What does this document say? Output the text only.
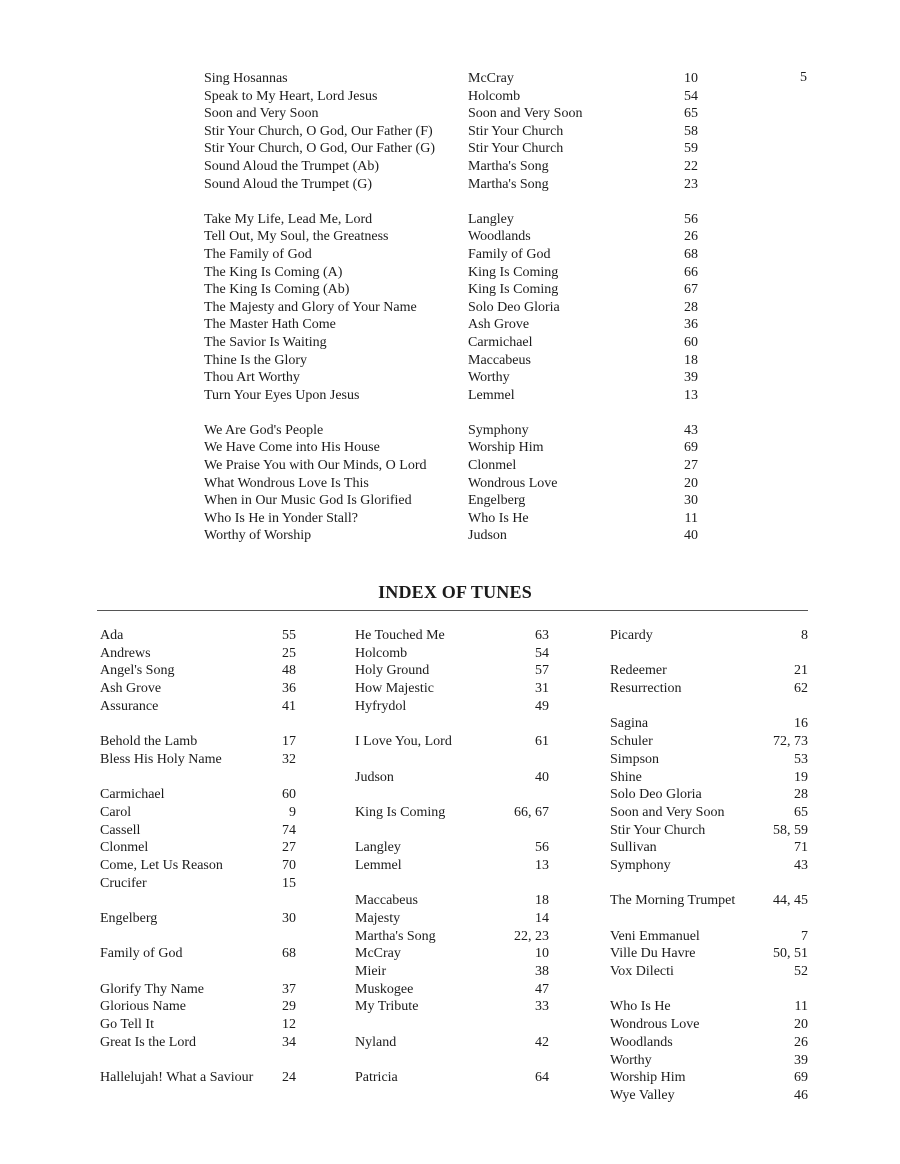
5
Sing Hosannas	McCray	10
Speak to My Heart, Lord Jesus	Holcomb	54
Soon and Very Soon	Soon and Very Soon	65
Stir Your Church, O God, Our Father (F)	Stir Your Church	58
Stir Your Church, O God, Our Father (G)	Stir Your Church	59
Sound Aloud the Trumpet (Ab)	Martha's Song	22
Sound Aloud the Trumpet (G)	Martha's Song	23
Take My Life, Lead Me, Lord	Langley	56
Tell Out, My Soul, the Greatness	Woodlands	26
The Family of God	Family of God	68
The King Is Coming (A)	King Is Coming	66
The King Is Coming (Ab)	King Is Coming	67
The Majesty and Glory of Your Name	Solo Deo Gloria	28
The Master Hath Come	Ash Grove	36
The Savior Is Waiting	Carmichael	60
Thine Is the Glory	Maccabeus	18
Thou Art Worthy	Worthy	39
Turn Your Eyes Upon Jesus	Lemmel	13
We Are God's People	Symphony	43
We Have Come into His House	Worship Him	69
We Praise You with Our Minds, O Lord	Clonmel	27
What Wondrous Love Is This	Wondrous Love	20
When in Our Music God Is Glorified	Engelberg	30
Who Is He in Yonder Stall?	Who Is He	11
Worthy of Worship	Judson	40
INDEX OF TUNES
Ada	55
Andrews	25
Angel's Song	48
Ash Grove	36
Assurance	41
Behold the Lamb	17
Bless His Holy Name	32
Carmichael	60
Carol	9
Cassell	74
Clonmel	27
Come, Let Us Reason	70
Crucifer	15
Engelberg	30
Family of God	68
Glorify Thy Name	37
Glorious Name	29
Go Tell It	12
Great Is the Lord	34
Hallelujah! What a Saviour 24
He Touched Me	63
Holcomb	54
Holy Ground	57
How Majestic	31
Hyfrydol	49
I Love You, Lord	61
Judson	40
King Is Coming	66, 67
Langley	56
Lemmel	13
Maccabeus	18
Majesty	14
Martha's Song	22, 23
McCray	10
Mieir	38
Muskogee	47
My Tribute	33
Nyland	42
Patricia	64
Picardy	8
Redeemer	21
Resurrection	62
Sagina	16
Schuler	72, 73
Simpson	53
Shine	19
Solo Deo Gloria	28
Soon and Very Soon	65
Stir Your Church	58, 59
Sullivan	71
Symphony	43
The Morning Trumpet	44, 45
Veni Emmanuel	7
Ville Du Havre	50, 51
Vox Dilecti	52
Who Is He	11
Wondrous Love	20
Woodlands	26
Worthy	39
Worship Him	69
Wye Valley	46
